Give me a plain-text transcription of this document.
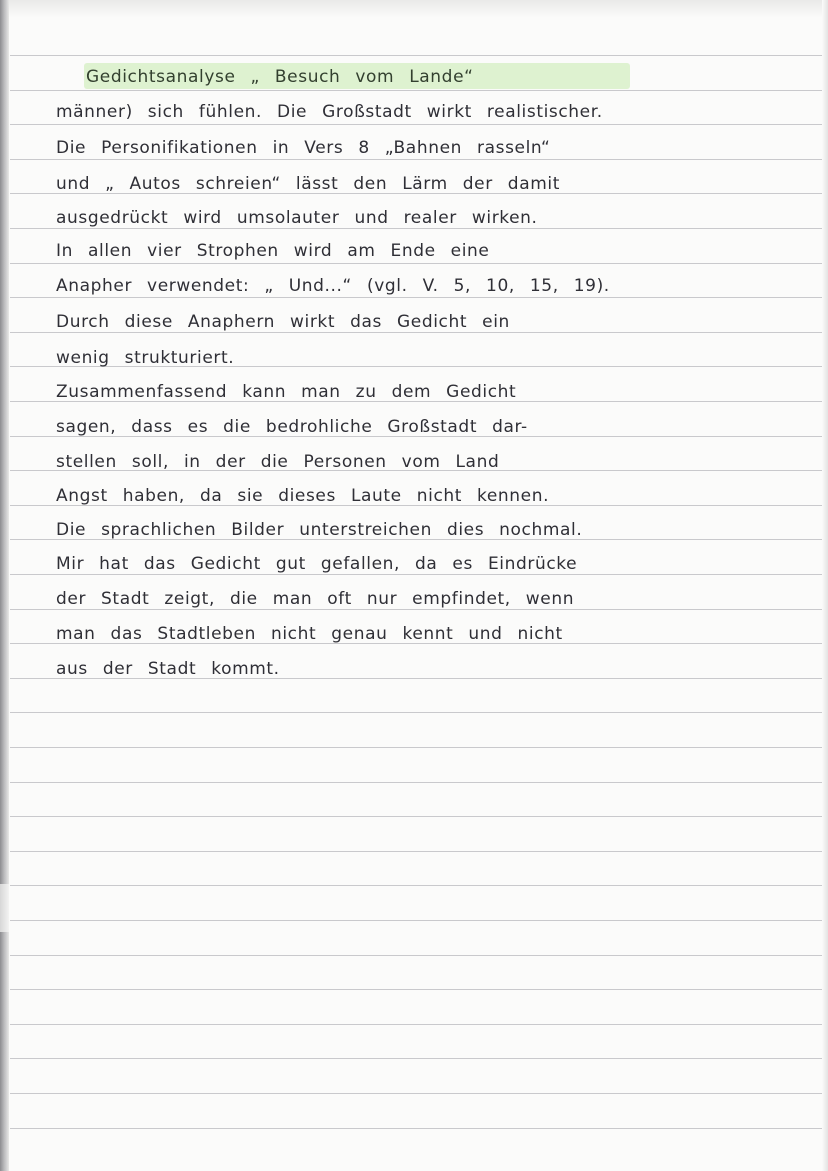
Gedichtsanalyse „ Besuch vom Lande“
männer) sich fühlen. Die Großstadt wirkt realistischer.
Die Personifikationen in Vers 8 „Bahnen rasseln“
und „ Autos schreien“ lässt den Lärm der damit
ausgedrückt wird umsolauter und realer wirken.
In allen vier Strophen wird am Ende eine
Anapher verwendet: „ Und...“ (vgl. V. 5, 10, 15, 19).
Durch diese Anaphern wirkt das Gedicht ein
wenig strukturiert.
Zusammenfassend kann man zu dem Gedicht
sagen, dass es die bedrohliche Großstadt dar-
stellen soll, in der die Personen vom Land
Angst haben, da sie dieses Laute nicht kennen.
Die sprachlichen Bilder unterstreichen dies nochmal.
Mir hat das Gedicht gut gefallen, da es Eindrücke
der Stadt zeigt, die man oft nur empfindet, wenn
man das Stadtleben nicht genau kennt und nicht
aus der Stadt kommt.
